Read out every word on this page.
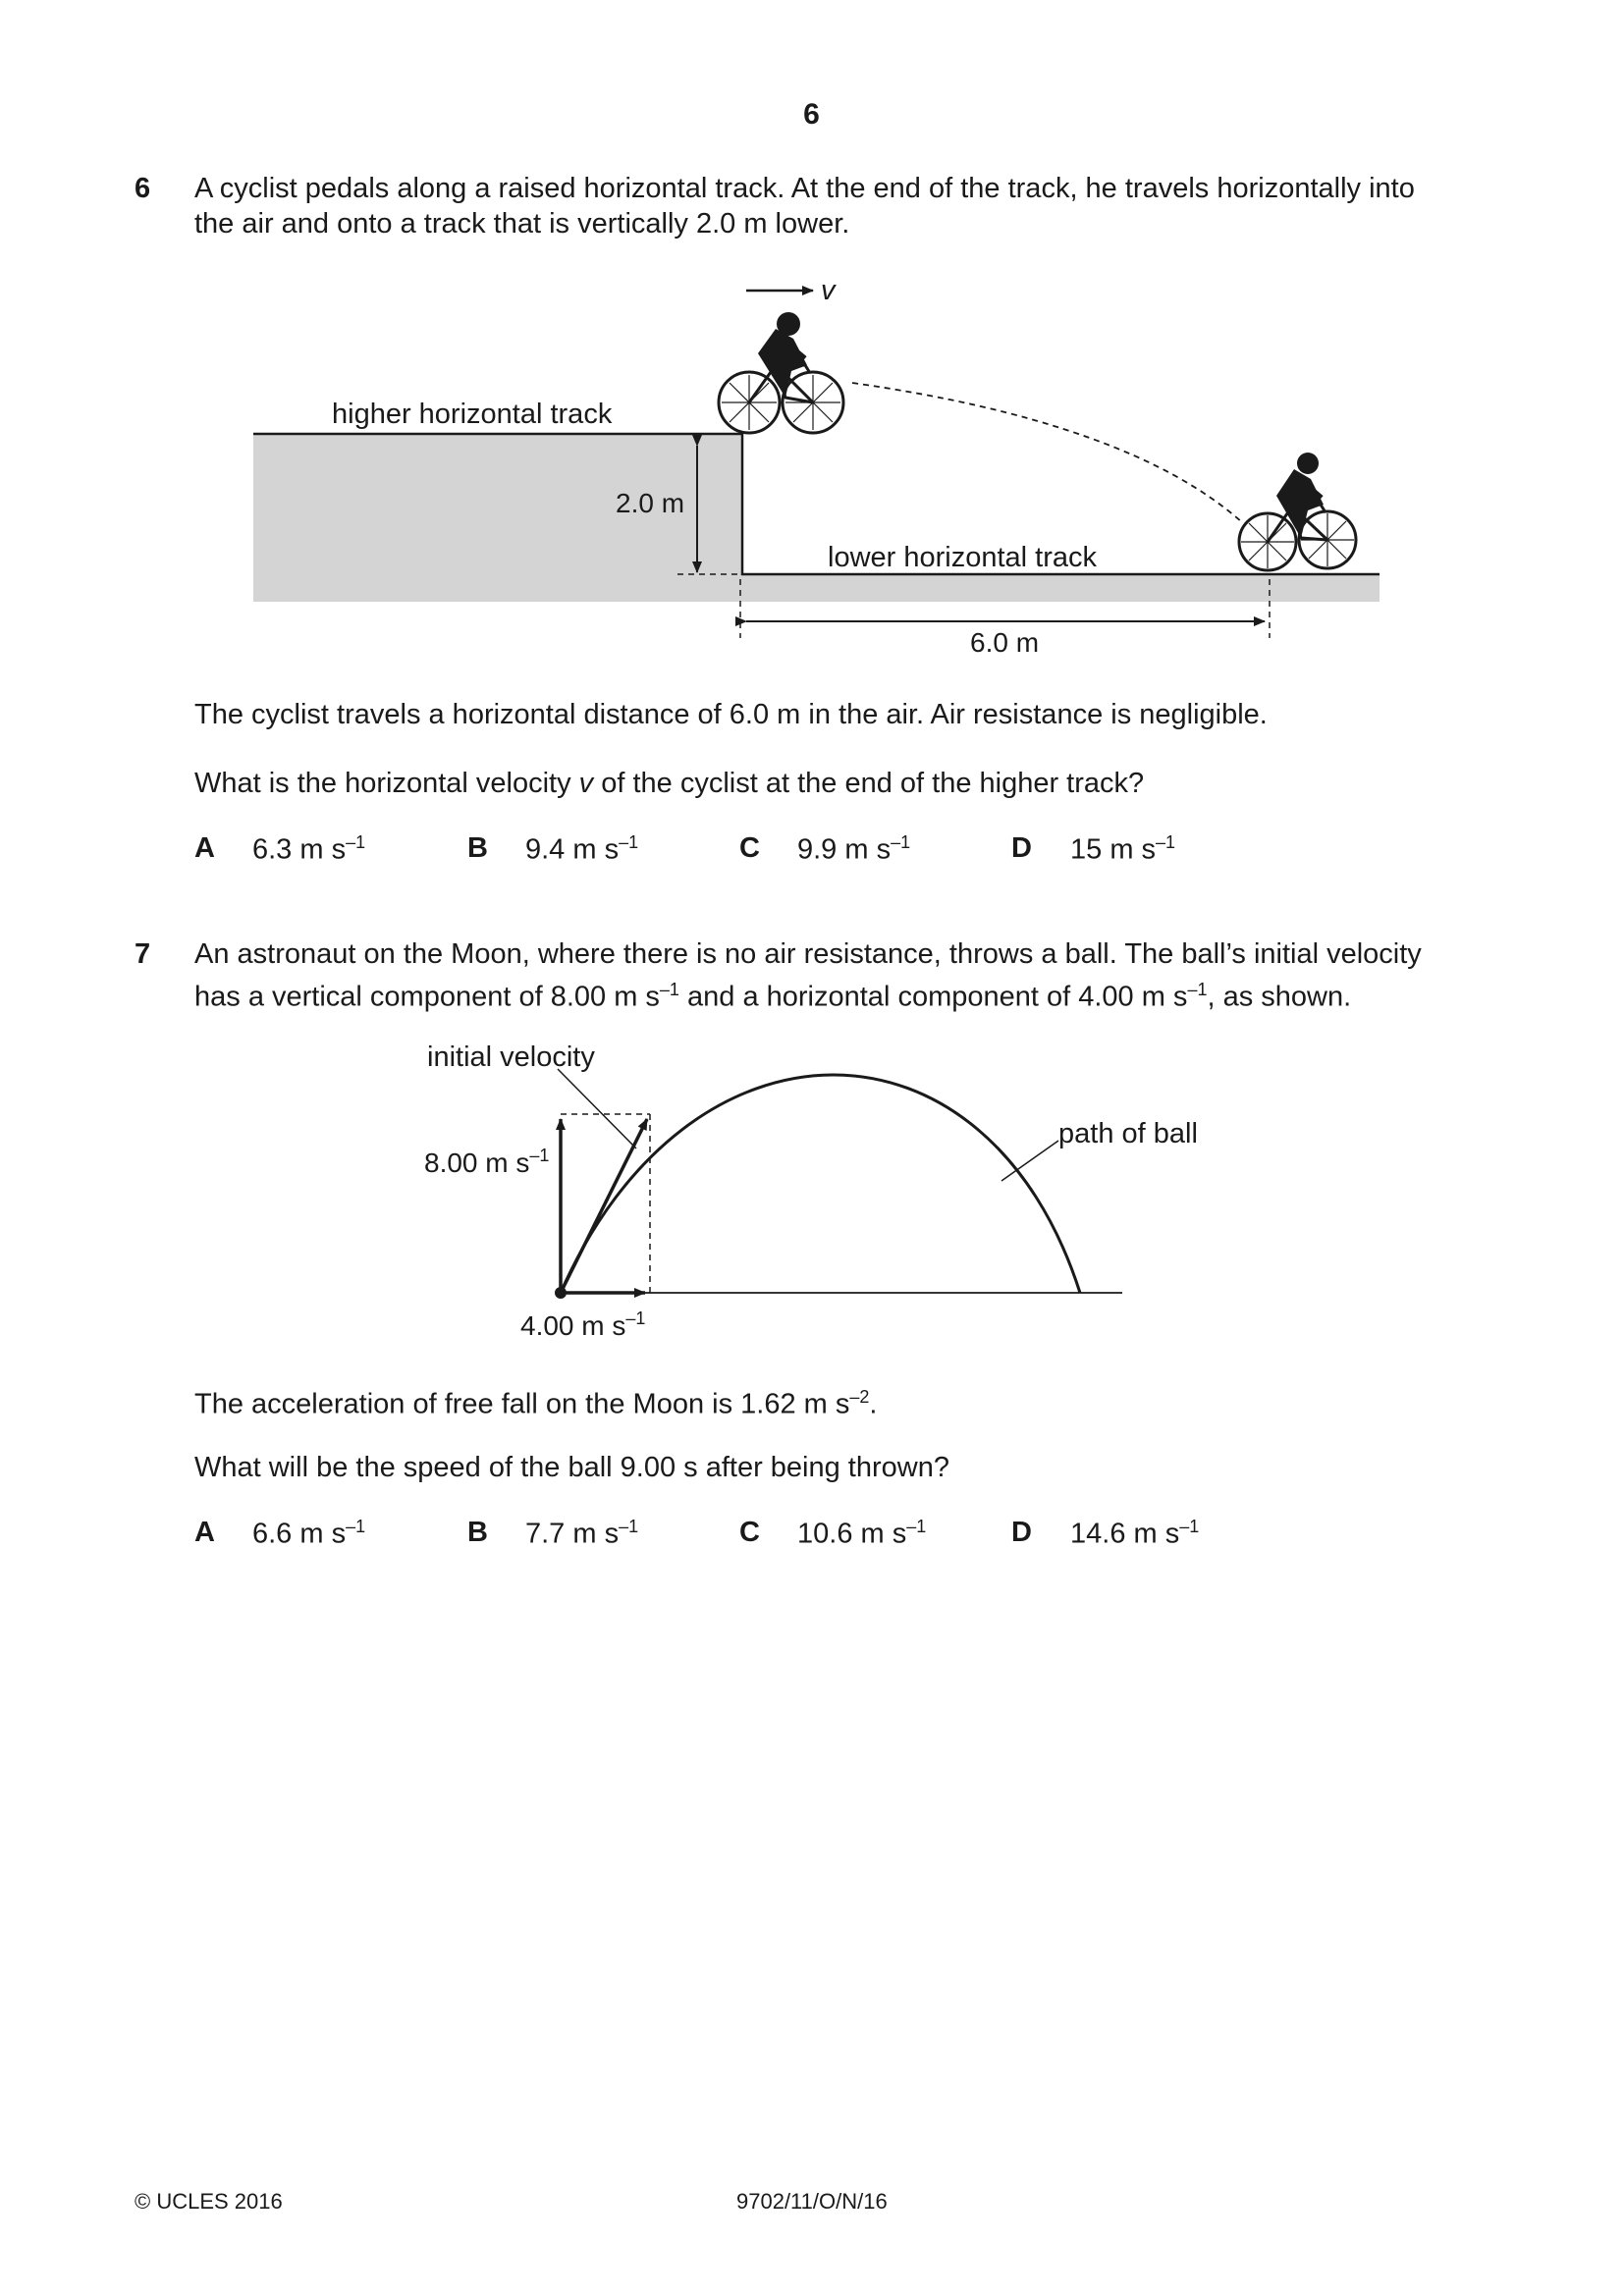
6
6 A cyclist pedals along a raised horizontal track. At the end of the track, he travels horizontally into
the air and onto a track that is vertically 2.0 m lower.
2.0 m
6.0 m
higher horizontal track
lower horizontal track
v
initial velocity
path of ball
8.00 m $s^{-1}$
4.00 m $s^{-1}$
The cyclist travels a horizontal distance of 6.0 m in the air. Air resistance is negligible.
What is the horizontal velocity v of the cyclist at the end of the higher track?
A 6.3 m $s^{-1}$	B 9.4 m $s^{-1}$	C 9.9 m $s^{-1}$	D 15 m $s^{-1}$
7 An astronaut on the Moon, where there is no air resistance, throws a ball. The ball’s initial velocity
has a vertical component of 8.00 m $s^{-1}$ and a horizontal component of 4.00 m $s^{-1}$, as shown.
The acceleration of free fall on the Moon is 1.62 m $s^{-2}$.
What will be the speed of the ball 9.00 s after being thrown?
A 6.6 m $s^{-1}$	B 7.7 m $s^{-1}$	C 10.6 m $s^{-1}$	D 14.6 m $s^{-1}$
© UCLES 2016	9702/11/O/N/16
